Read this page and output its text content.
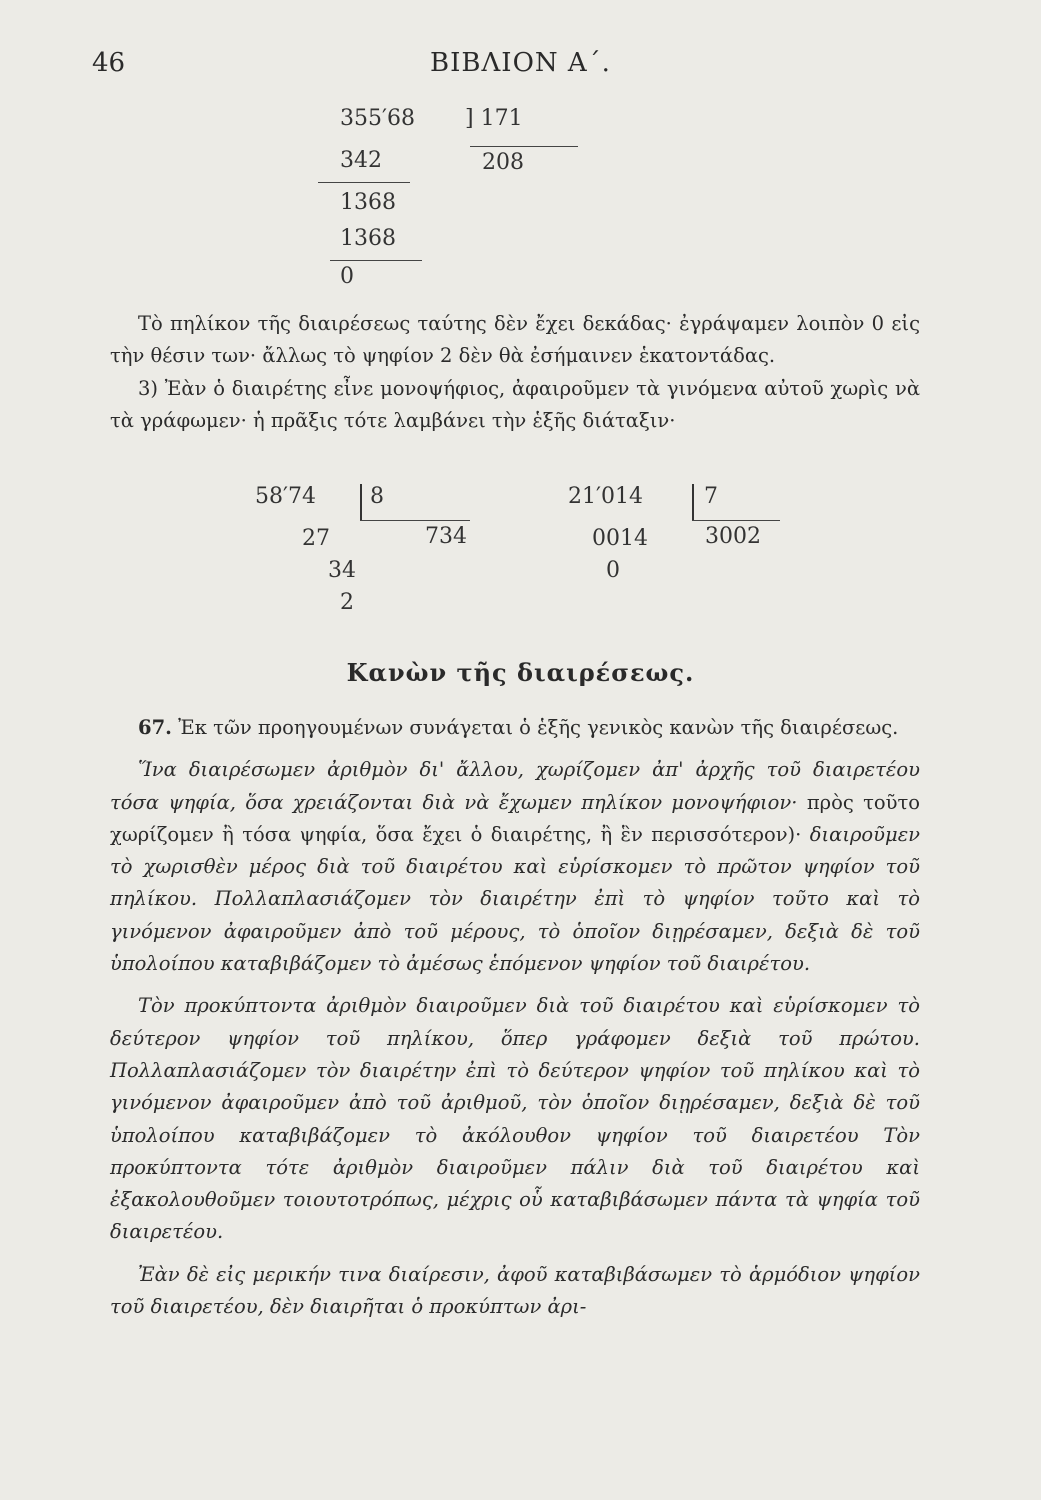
46	ΒΙΒΛΙΟΝ Α΄.
355′68 ] 171
208
342
1368
1368
0

Τὸ πηλίκον τῆς διαιρέσεως ταύτης δὲν ἔχει δεκάδας· ἐγράψαμεν λοιπὸν 0 εἰς τὴν θέσιν των· ἄλλως τὸ ψηφίον 2 δὲν θὰ ἐσήμαινεν ἑκατοντάδας.

3) Ἐὰν ὁ διαιρέτης εἶνε μονοψήφιος, ἀφαιροῦμεν τὰ γινόμενα αὐτοῦ χωρὶς νὰ τὰ γράφωμεν· ἡ πρᾶξις τότε λαμβάνει τὴν ἑξῆς διάταξιν·

58′74 8
734
27
34
2
21′014	7
3002
0014
0
Κανὼν τῆς διαιρέσεως.

67. Ἐκ τῶν προηγουμένων συνάγεται ὁ ἑξῆς γενικὸς κανὼν τῆς διαιρέσεως.

Ἵνα διαιρέσωμεν ἀριθμὸν δι' ἄλλου, χωρίζομεν ἀπ' ἀρχῆς τοῦ διαιρετέου τόσα ψηφία, ὅσα χρειάζονται διὰ νὰ ἔχωμεν πηλίκον μονοψήφιον· πρὸς τοῦτο χωρίζομεν ἢ τόσα ψηφία, ὅσα ἔχει ὁ διαιρέτης, ἢ ἓν περισσότερον)· διαιροῦμεν τὸ χωρισθὲν μέρος διὰ τοῦ διαιρέτου καὶ εὑρίσκομεν τὸ πρῶτον ψηφίον τοῦ πηλίκου. Πολλαπλασιάζομεν τὸν διαιρέτην ἐπὶ τὸ ψηφίον τοῦτο καὶ τὸ γινόμενον ἀφαιροῦμεν ἀπὸ τοῦ μέρους, τὸ ὁποῖον διῃρέσαμεν, δεξιὰ δὲ τοῦ ὑπολοίπου καταβιβάζομεν τὸ ἀμέσως ἑπόμενον ψηφίον τοῦ διαιρέτου.

Τὸν προκύπτοντα ἀριθμὸν διαιροῦμεν διὰ τοῦ διαιρέτου καὶ εὑρίσκομεν τὸ δεύτερον ψηφίον τοῦ πηλίκου, ὅπερ γράφομεν δεξιὰ τοῦ πρώτου. Πολλαπλασιάζομεν τὸν διαιρέτην ἐπὶ τὸ δεύτερον ψηφίον τοῦ πηλίκου καὶ τὸ γινόμενον ἀφαιροῦμεν ἀπὸ τοῦ ἀριθμοῦ, τὸν ὁποῖον διῃρέσαμεν, δεξιὰ δὲ τοῦ ὑπολοίπου καταβιβάζομεν τὸ ἀκόλουθον ψηφίον τοῦ διαιρετέου Τὸν προκύπτοντα τότε ἀριθμὸν διαιροῦμεν πάλιν διὰ τοῦ διαιρέτου καὶ ἐξακολουθοῦμεν τοιουτοτρόπως, μέχρις οὗ καταβιβάσωμεν πάντα τὰ ψηφία τοῦ διαιρετέου.

Ἐὰν δὲ εἰς μερικήν τινα διαίρεσιν, ἀφοῦ καταβιβάσωμεν τὸ ἁρμόδιον ψηφίον τοῦ διαιρετέου, δὲν διαιρῆται ὁ προκύπτων ἀρι-
